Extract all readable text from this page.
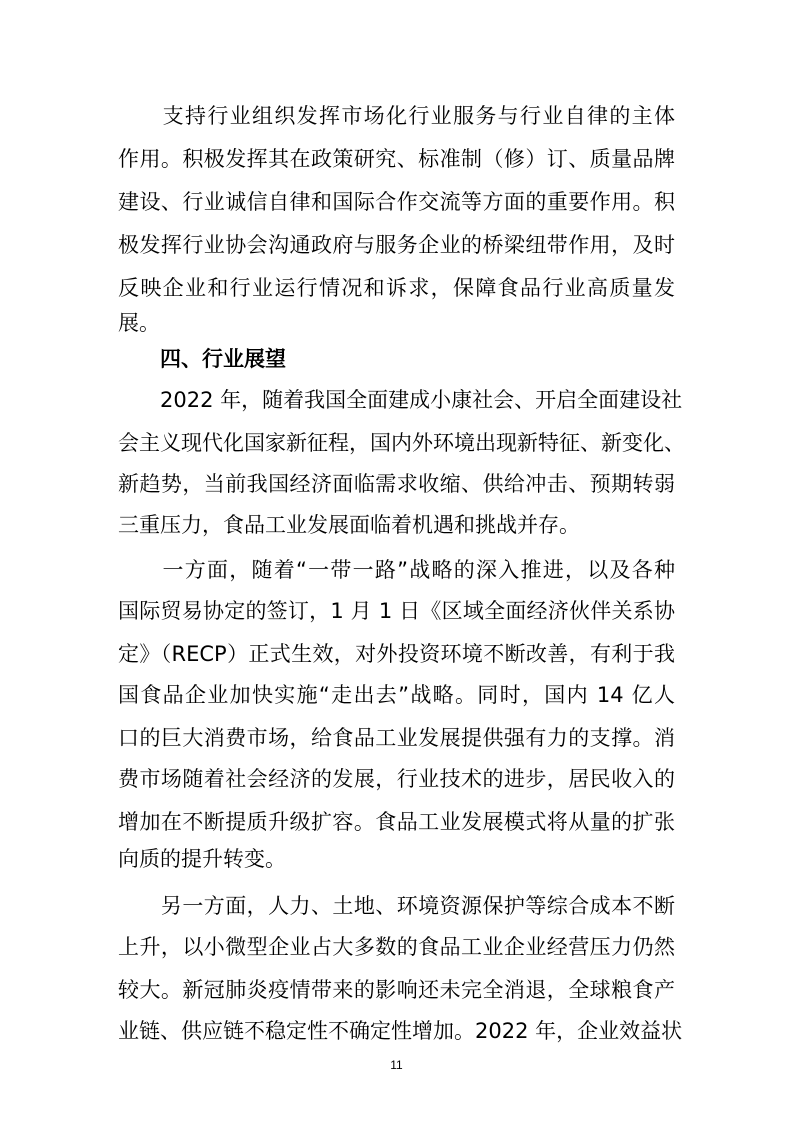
　　支持行业组织发挥市场化行业服务与行业自律的主体
作用。积极发挥其在政策研究、标准制（修）订、质量品牌
建设、行业诚信自律和国际合作交流等方面的重要作用。积
极发挥行业协会沟通政府与服务企业的桥梁纽带作用，及时
反映企业和行业运行情况和诉求，保障食品行业高质量发
展。
　　四、行业展望
　　2022 年，随着我国全面建成小康社会、开启全面建设社
会主义现代化国家新征程，国内外环境出现新特征、新变化、
新趋势，当前我国经济面临需求收缩、供给冲击、预期转弱
三重压力，食品工业发展面临着机遇和挑战并存。
　　一方面，随着“一带一路”战略的深入推进，以及各种
国际贸易协定的签订，1 月 1 日《区域全面经济伙伴关系协
定》（RECP）正式生效，对外投资环境不断改善，有利于我
国食品企业加快实施“走出去”战略。同时，国内 14 亿人
口的巨大消费市场，给食品工业发展提供强有力的支撑。消
费市场随着社会经济的发展，行业技术的进步，居民收入的
增加在不断提质升级扩容。食品工业发展模式将从量的扩张
向质的提升转变。
　　另一方面，人力、土地、环境资源保护等综合成本不断
上升，以小微型企业占大多数的食品工业企业经营压力仍然
较大。新冠肺炎疫情带来的影响还未完全消退，全球粮食产
业链、供应链不稳定性不确定性增加。2022 年，企业效益状
11
